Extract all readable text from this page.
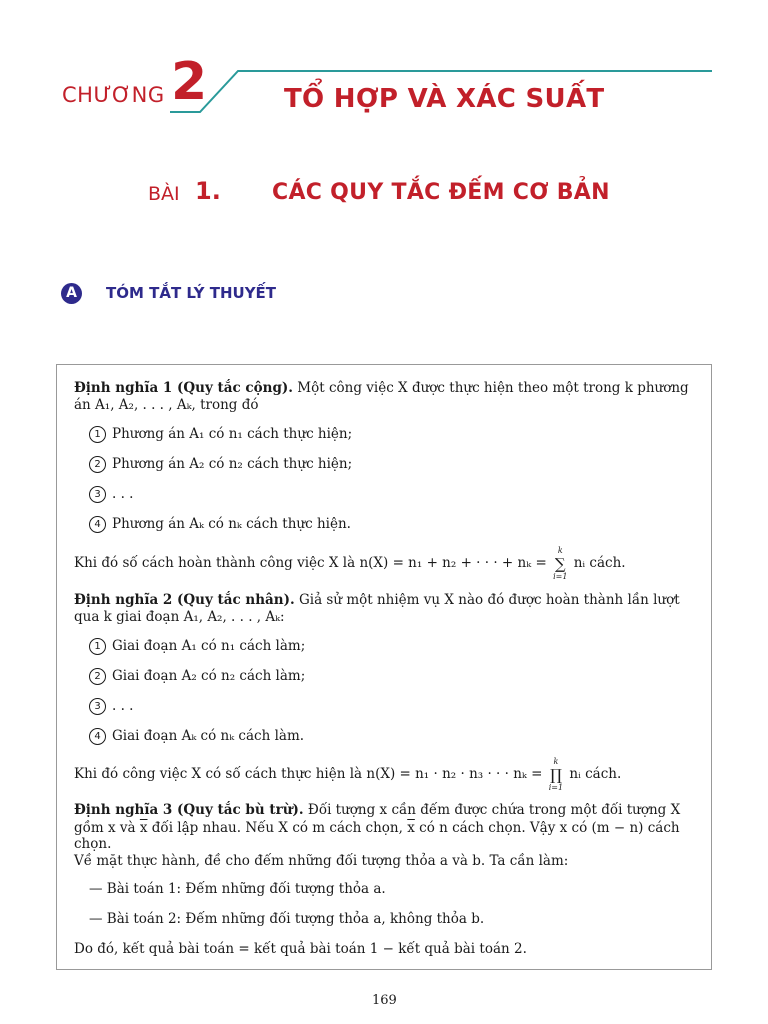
CHƯƠNG 2	TỔ HỢP VÀ XÁC SUẤT
BÀI 1. CÁC QUY TẮC ĐẾM CƠ BẢN
A	TÓM TẮT LÝ THUYẾT
Định nghĩa 1 (Quy tắc cộng). Một công việc X được thực hiện theo một trong k phương
án A₁, A₂, . . . , Aₖ, trong đó
1 Phương án A₁ có n₁ cách thực hiện;
2 Phương án A₂ có n₂ cách thực hiện;
3 . . .
4 Phương án Aₖ có nₖ cách thực hiện.
Khi đó số cách hoàn thành công việc X là n(X) = n₁ + n₂ + · · · + nₖ =
k
∑
i=1
nᵢ cách.
Định nghĩa 2 (Quy tắc nhân). Giả sử một nhiệm vụ X nào đó được hoàn thành lần lượt
qua k giai đoạn A₁, A₂, . . . , Aₖ:
1 Giai đoạn A₁ có n₁ cách làm;
2 Giai đoạn A₂ có n₂ cách làm;
3 . . .
4 Giai đoạn Aₖ có nₖ cách làm.
Khi đó công việc X có số cách thực hiện là n(X) = n₁ · n₂ · n₃ · · · nₖ =
k
∏
i=1
nᵢ cách.
Định nghĩa 3 (Quy tắc bù trừ). Đối tượng x cần đếm được chứa trong một đối tượng X
gồm x và $\overline{x}$ đối lập nhau. Nếu X có m cách chọn, $\overline{x}$ có n cách chọn. Vậy x có (m − n) cách
chọn.
Về mặt thực hành, đề cho đếm những đối tượng thỏa a và b. Ta cần làm:
— Bài toán 1: Đếm những đối tượng thỏa a.
— Bài toán 2: Đếm những đối tượng thỏa a, không thỏa b.
Do đó, kết quả bài toán = kết quả bài toán 1 − kết quả bài toán 2.
169
